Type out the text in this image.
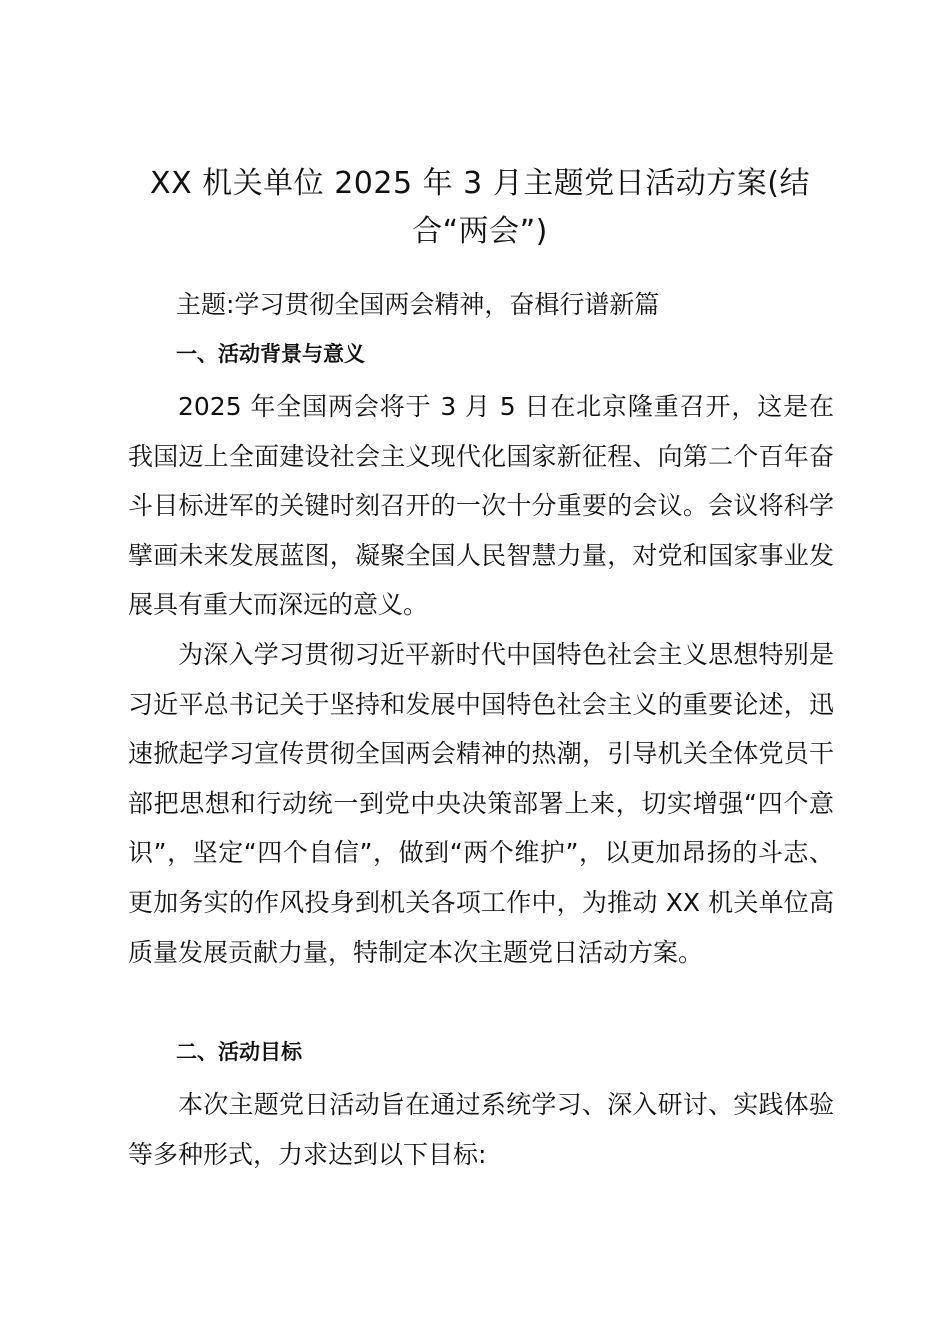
XX 机关单位 2025 年 3 月主题党日活动方案(结合“两会”)

主题:学习贯彻全国两会精神，奋楫行谱新篇

一、活动背景与意义

2025 年全国两会将于 3 月 5 日在北京隆重召开，这是在我国迈上全面建设社会主义现代化国家新征程、向第二个百年奋斗目标进军的关键时刻召开的一次十分重要的会议。会议将科学擘画未来发展蓝图，凝聚全国人民智慧力量，对党和国家事业发展具有重大而深远的意义。

为深入学习贯彻习近平新时代中国特色社会主义思想特别是习近平总书记关于坚持和发展中国特色社会主义的重要论述，迅速掀起学习宣传贯彻全国两会精神的热潮，引导机关全体党员干部把思想和行动统一到党中央决策部署上来，切实增强“四个意识”，坚定“四个自信”，做到“两个维护”，以更加昂扬的斗志、更加务实的作风投身到机关各项工作中，为推动 XX 机关单位高质量发展贡献力量，特制定本次主题党日活动方案。

二、活动目标

本次主题党日活动旨在通过系统学习、深入研讨、实践体验等多种形式，力求达到以下目标:
